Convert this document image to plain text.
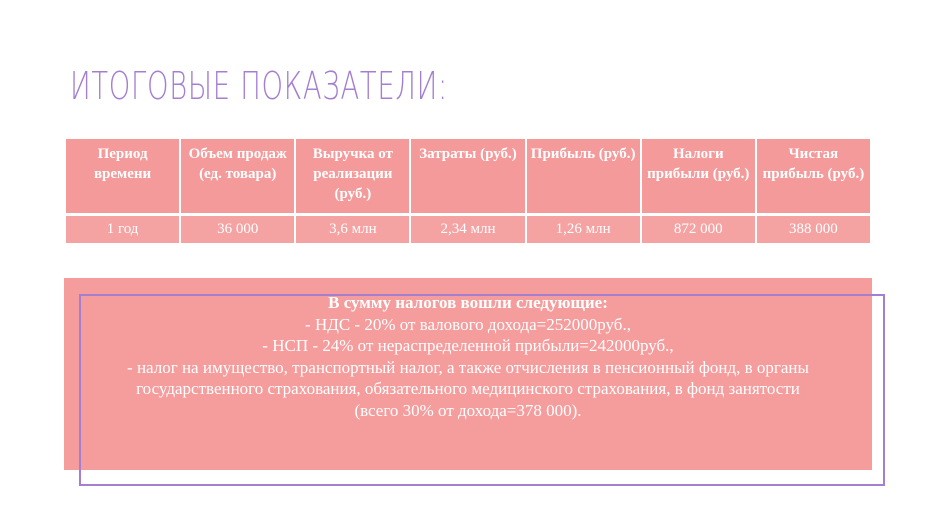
ИТОГОВЫЕ ПОКАЗАТЕЛИ:
Период времени	Объем продаж (ед. товара)	Выручка от реализации (руб.)	Затраты (руб.)	Прибыль (руб.)	Налоги прибыли (руб.)	Чистая прибыль (руб.)

1 год	36 000	3,6 млн	2,34 млн	1,26 млн	872 000	388 000
В сумму налогов вошли следующие:
- НДС - 20% от валового дохода=252000руб.,
- НСП - 24% от нераспределенной прибыли=242000руб.,
- налог на имущество, транспортный налог, а также отчисления в пенсионный фонд, в органы государственного страхования, обязательного медицинского страхования, в фонд занятости (всего 30% от дохода=378 000).
